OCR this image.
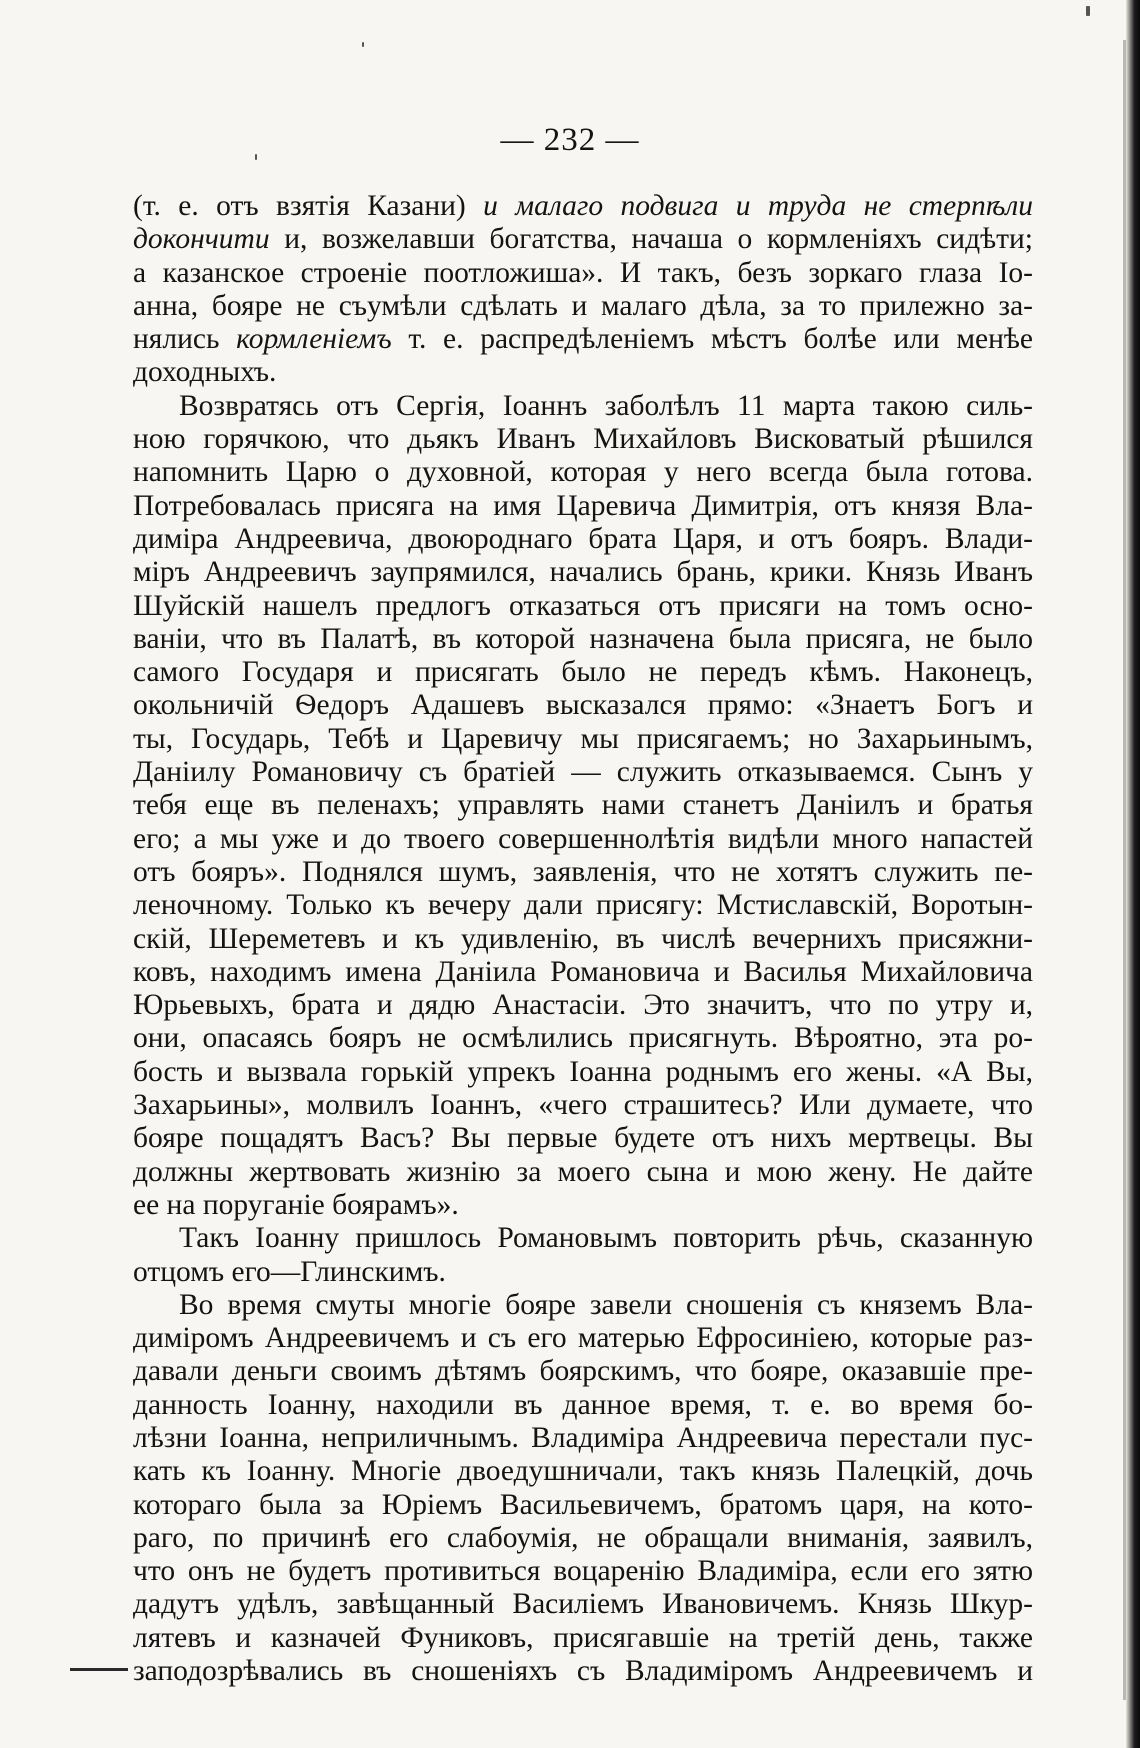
— 232 —
(т. е. отъ взятія Казани) и малаго подвига и труда не стерпѣли
докончити и, возжелавши богатства, начаша о кормленіяхъ сидѣти;
а казанское строеніе поотложиша». И такъ, безъ зоркаго глаза Іо-
анна, бояре не съумѣли сдѣлать и малаго дѣла, за то прилежно за-
нялись кормленіемъ т. е. распредѣленіемъ мѣстъ болѣе или менѣе
доходныхъ.
Возвратясь отъ Сергія, Іоаннъ заболѣлъ 11 марта такою силь-
ною горячкою, что дьякъ Иванъ Михайловъ Висковатый рѣшился
напомнить Царю о духовной, которая у него всегда была готова.
Потребовалась присяга на имя Царевича Димитрія, отъ князя Вла-
диміра Андреевича, двоюроднаго брата Царя, и отъ бояръ. Влади-
міръ Андреевичъ заупрямился, начались брань, крики. Князь Иванъ
Шуйскій нашелъ предлогъ отказаться отъ присяги на томъ осно-
ваніи, что въ Палатѣ, въ которой назначена была присяга, не было
самого Государя и присягать было не передъ кѣмъ. Наконецъ,
окольничій Ѳедоръ Адашевъ высказался прямо: «Знаетъ Богъ и
ты, Государь, Тебѣ и Царевичу мы присягаемъ; но Захарьинымъ,
Даніилу Романовичу съ братіей — служить отказываемся. Сынъ у
тебя еще въ пеленахъ; управлять нами станетъ Даніилъ и братья
его; а мы уже и до твоего совершеннолѣтія видѣли много напастей
отъ бояръ». Поднялся шумъ, заявленія, что не хотятъ служить пе-
леночному. Только къ вечеру дали присягу: Мстиславскій, Воротын-
скій, Шереметевъ и къ удивленію, въ числѣ вечернихъ присяжни-
ковъ, находимъ имена Даніила Романовича и Василья Михайловича
Юрьевыхъ, брата и дядю Анастасіи. Это значитъ, что по утру и,
они, опасаясь бояръ не осмѣлились присягнуть. Вѣроятно, эта ро-
бость и вызвала горькій упрекъ Іоанна роднымъ его жены. «А Вы,
Захарьины», молвилъ Іоаннъ, «чего страшитесь? Или думаете, что
бояре пощадятъ Васъ? Вы первые будете отъ нихъ мертвецы. Вы
должны жертвовать жизнію за моего сына и мою жену. Не дайте
ее на поруганіе боярамъ».
Такъ Іоанну пришлось Романовымъ повторить рѣчь, сказанную
отцомъ его—Глинскимъ.
Во время смуты многіе бояре завели сношенія съ княземъ Вла-
диміромъ Андреевичемъ и съ его матерью Ефросиніею, которые раз-
давали деньги своимъ дѣтямъ боярскимъ, что бояре, оказавшіе пре-
данность Іоанну, находили въ данное время, т. е. во время бо-
лѣзни Іоанна, неприличнымъ. Владиміра Андреевича перестали пус-
кать къ Іоанну. Многіе двоедушничали, такъ князь Палецкій, дочь
котораго была за Юріемъ Васильевичемъ, братомъ царя, на кото-
раго, по причинѣ его слабоумія, не обращали вниманія, заявилъ,
что онъ не будетъ противиться воцаренію Владиміра, если его зятю
дадутъ удѣлъ, завѣщанный Василіемъ Ивановичемъ. Князь Шкур-
лятевъ и казначей Фуниковъ, присягавшіе на третій день, также
заподозрѣвались въ сношеніяхъ съ Владиміромъ Андреевичемъ и
